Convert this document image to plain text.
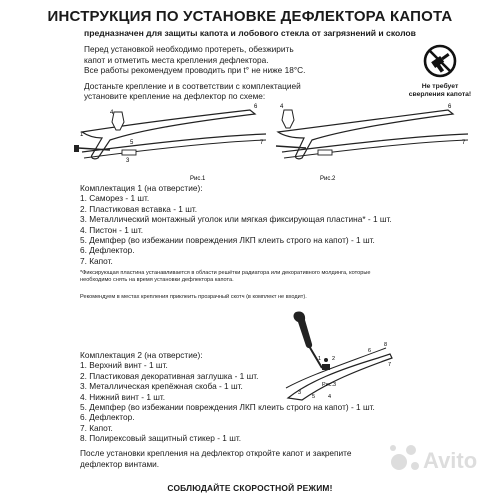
ИНСТРУКЦИЯ ПО УСТАНОВКЕ ДЕФЛЕКТОРА КАПОТА
предназначен для защиты капота и лобового стекла от загрязнений и сколов
Перед установкой необходимо протереть, обезжирить
капот и отметить места крепления дефлектора.
Все работы рекомендуем проводить при t° не ниже 18°C.
Достаньте крепление и в соответствии с комплектацией
установите крепление на дефлектор по схеме:
Не требует
сверления капота!
1
4
3
5
6
7
Рис.1
4	6
7
Рис.2
Комплектация 1 (на отверстие):
1. Саморез - 1 шт.
2. Пластиковая вставка - 1 шт.
3. Металлический монтажный уголок или мягкая фиксирующая пластина* - 1 шт.
4. Пистон - 1 шт.
5. Демпфер (во избежании повреждения ЛКП клеить строго на капот) - 1 шт.
6. Дефлектор.
7. Капот.
*Фиксирующая пластина устанавливается в области решётки радиатора или декоративного молдинга, которые
необходимо снять на время установки дефлектора капота.
Рекомендуем в местах крепления приклеить прозрачный скотч (в комплект не входит).
1 2
6
8
7
Рис.3
3
5 4
Комплектация 2 (на отверстие):
1. Верхний винт - 1 шт.
2. Пластиковая декоративная заглушка - 1 шт.
3. Металлическая крепёжная скоба - 1 шт.
4. Нижний винт - 1 шт.
5. Демпфер (во избежании повреждения ЛКП клеить строго на капот) - 1 шт.
6. Дефлектор.
7. Капот.
8. Полирексовый защитный стикер - 1 шт.
После установки крепления на дефлектор откройте капот и закрепите
дефлектор винтами.	Avito
СОБЛЮДАЙТЕ СКОРОСТНОЙ РЕЖИМ!
